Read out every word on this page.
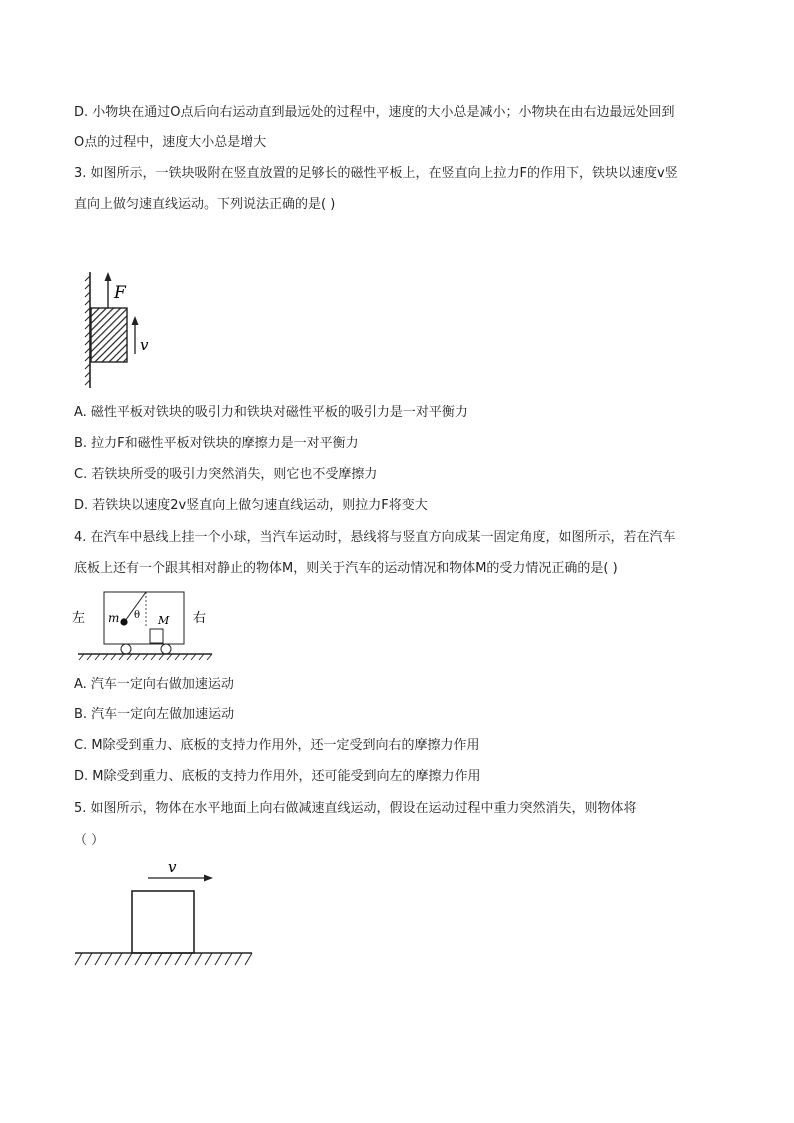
D. 小物块在通过O点后向右运动直到最远处的过程中，速度的大小总是减小；小物块在由右边最远处回到
O点的过程中，速度大小总是增大
3. 如图所示，一铁块吸附在竖直放置的足够长的磁性平板上，在竖直向上拉力F的作用下，铁块以速度v竖
直向上做匀速直线运动。下列说法正确的是( )
F
v
A. 磁性平板对铁块的吸引力和铁块对磁性平板的吸引力是一对平衡力
B. 拉力F和磁性平板对铁块的摩擦力是一对平衡力
C. 若铁块所受的吸引力突然消失，则它也不受摩擦力
D. 若铁块以速度2v竖直向上做匀速直线运动，则拉力F将变大
4. 在汽车中悬线上挂一个小球，当汽车运动时，悬线将与竖直方向成某一固定角度，如图所示，若在汽车
底板上还有一个跟其相对静止的物体M，则关于汽车的运动情况和物体M的受力情况正确的是( )
左	右
m θ M
A. 汽车一定向右做加速运动
B. 汽车一定向左做加速运动
C. M除受到重力、底板的支持力作用外，还一定受到向右的摩擦力作用
D. M除受到重力、底板的支持力作用外，还可能受到向左的摩擦力作用
5. 如图所示，物体在水平地面上向右做减速直线运动，假设在运动过程中重力突然消失，则物体将
（ ）
v
